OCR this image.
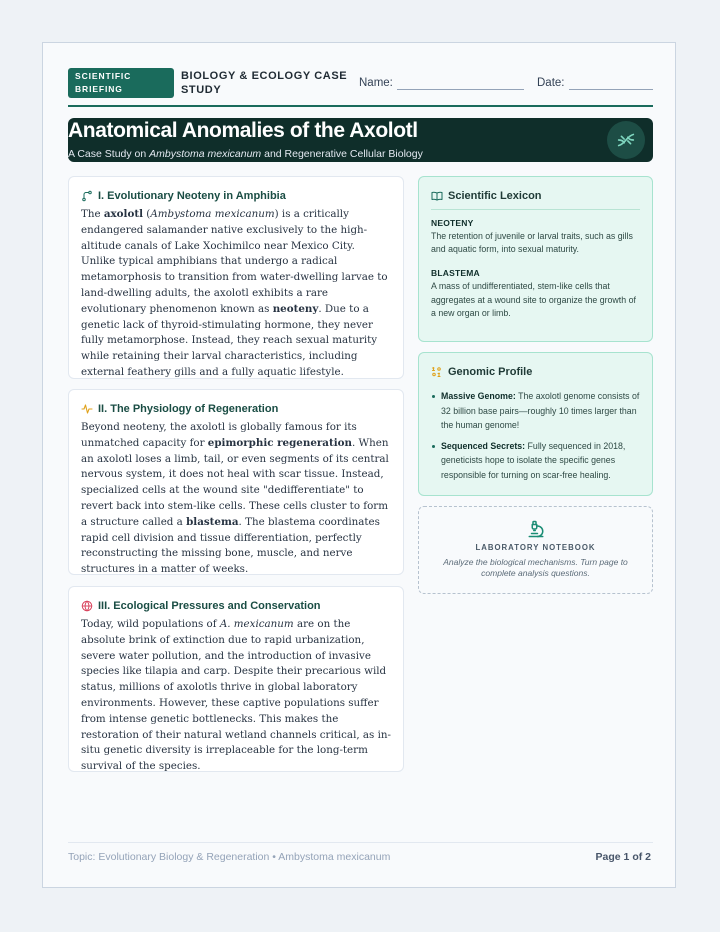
SCIENTIFIC BRIEFING
BIOLOGY & ECOLOGY CASE STUDY
Name:	Date:
Anatomical Anomalies of the Axolotl
A Case Study on Ambystoma mexicanum and Regenerative Cellular Biology
I. Evolutionary Neoteny in Amphibia

The axolotl (Ambystoma mexicanum) is a critically endangered salamander native exclusively to the high-altitude canals of Lake Xochimilco near Mexico City. Unlike typical amphibians that undergo a radical metamorphosis to transition from water-dwelling larvae to land-dwelling adults, the axolotl exhibits a rare evolutionary phenomenon known as neoteny. Due to a genetic lack of thyroid-stimulating hormone, they never fully metamorphose. Instead, they reach sexual maturity while retaining their larval characteristics, including external feathery gills and a fully aquatic lifestyle.

II. The Physiology of Regeneration

Beyond neoteny, the axolotl is globally famous for its unmatched capacity for epimorphic regeneration. When an axolotl loses a limb, tail, or even segments of its central nervous system, it does not heal with scar tissue. Instead, specialized cells at the wound site "dedifferentiate" to revert back into stem-like cells. These cells cluster to form a structure called a blastema. The blastema coordinates rapid cell division and tissue differentiation, perfectly reconstructing the missing bone, muscle, and nerve structures in a matter of weeks.

III. Ecological Pressures and Conservation

Today, wild populations of A. mexicanum are on the absolute brink of extinction due to rapid urbanization, severe water pollution, and the introduction of invasive species like tilapia and carp. Despite their precarious wild status, millions of axolotls thrive in global laboratory environments. However, these captive populations suffer from intense genetic bottlenecks. This makes the restoration of their natural wetland channels critical, as in-situ genetic diversity is irreplaceable for the long-term survival of the species.

Scientific Lexicon
NEOTENY
The retention of juvenile or larval traits, such as gills and aquatic form, into sexual maturity.
BLASTEMA
A mass of undifferentiated, stem-like cells that aggregates at a wound site to organize the growth of a new organ or limb.
Genomic Profile
Massive Genome: The axolotl genome consists of 32 billion base pairs—roughly 10 times larger than the human genome!
Sequenced Secrets: Fully sequenced in 2018, geneticists hope to isolate the specific genes responsible for turning on scar-free healing.
LABORATORY NOTEBOOK
Analyze the biological mechanisms. Turn page to complete analysis questions.
Topic: Evolutionary Biology & Regeneration • Ambystoma mexicanum	Page 1 of 2
